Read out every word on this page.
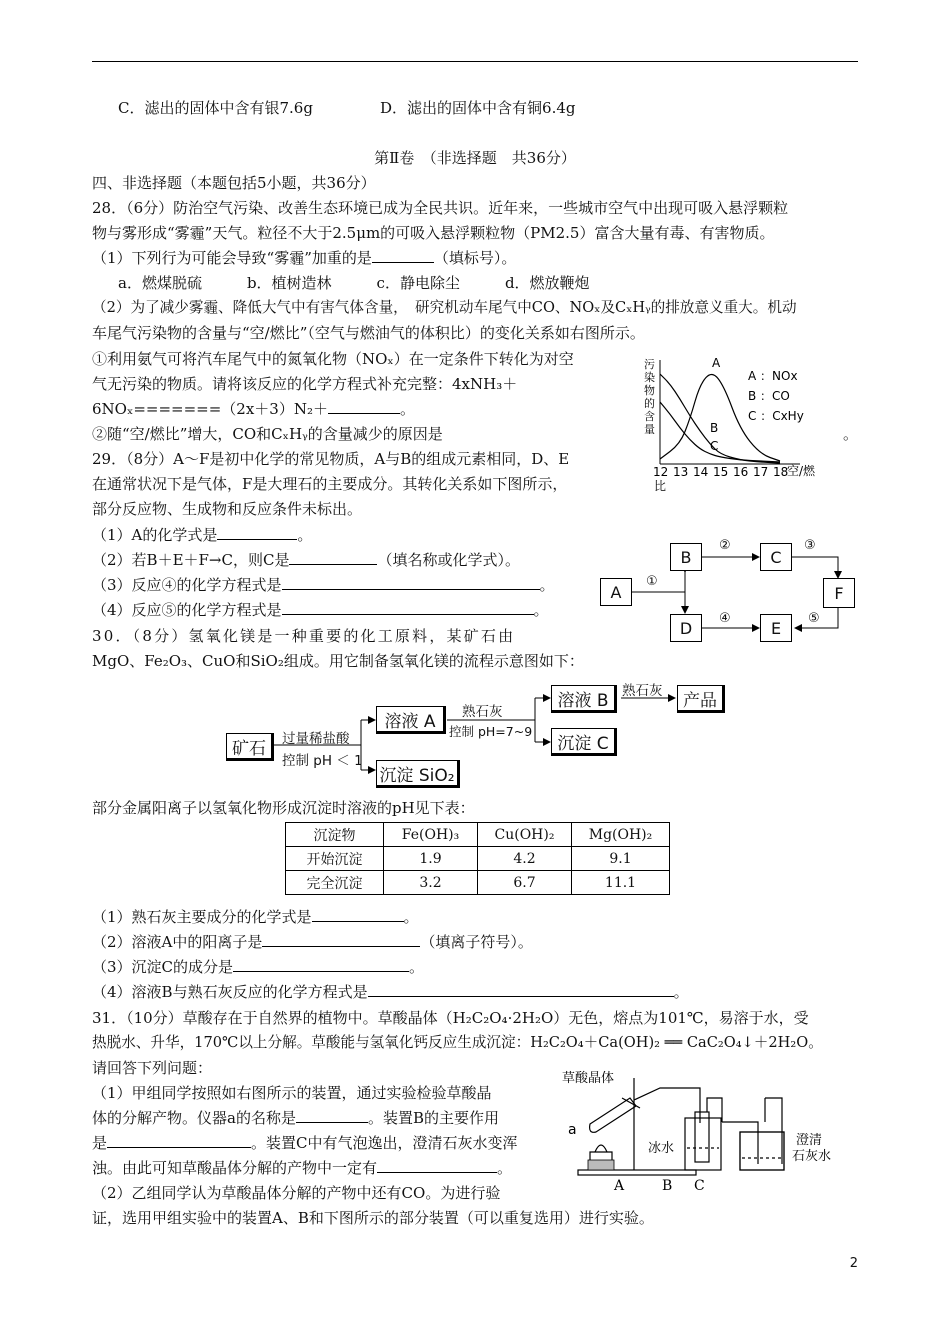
C．滤出的固体中含有银7.6g	D．滤出的固体中含有铜6.4g
第Ⅱ卷　（非选择题　共36分）
四、非选择题（本题包括5小题，共36分）
28．（6分）防治空气污染、改善生态环境已成为全民共识。近年来，一些城市空气中出现可吸入悬浮颗粒
物与雾形成“雾霾”天气。粒径不大于2.5μm的可吸入悬浮颗粒物（PM2.5）富含大量有毒、有害物质。
（1）下列行为可能会导致“雾霾”加重的是	（填标号）。
a．燃煤脱硫　　　b．植树造林　　　c．静电除尘　　　d．燃放鞭炮
（2）为了减少雾霾、降低大气中有害气体含量，　研究机动车尾气中CO、NOₓ及CₓHᵧ的排放意义重大。机动
车尾气污染物的含量与“空/燃比”（空气与燃油气的体积比）的变化关系如右图所示。
①利用氨气可将汽车尾气中的氮氧化物（NOₓ）在一定条件下转化为对空
气无污染的物质。请将该反应的化学方程式补充完整：4xNH₃＋
6NOₓ=======（2x＋3）N₂＋	。
②随“空/燃比”增大，CO和CₓHᵧ的含量减少的原因是	。
污
染
物
的
含
量
A
B
C
12 13 14 15 16 17 18
空/燃
比
A ：NOx
B ：CO
C ：CxHy
29．（8分）A～F是初中化学的常见物质，A与B的组成元素相同，D、E
在通常状况下是气体，F是大理石的主要成分。其转化关系如下图所示，
部分反应物、生成物和反应条件未标出。
（1）A的化学式是	。
（2）若B＋E＋F→C，则C是	（填名称或化学式）。
（3）反应④的化学方程式是	。
（4）反应⑤的化学方程式是	。
①
②	③
④	⑤
A
B	C
D	E
F
30．（8分）氢氧化镁是一种重要的化工原料，某矿石由
MgO、Fe₂O₃、CuO和SiO₂组成。用它制备氢氧化镁的流程示意图如下：
矿石	过量稀盐酸
控制 pH ＜ 1
溶液 A
沉淀 SiO₂
熟石灰
控制 pH=7~9
溶液 B
沉淀 C
熟石灰	产品
部分金属阳离子以氢氧化物形成沉淀时溶液的pH见下表：
沉淀物	Fe(OH)₃	Cu(OH)₂	Mg(OH)₂
开始沉淀	1.9	4.2	9.1
完全沉淀	3.2	6.7	11.1
（1）熟石灰主要成分的化学式是	。
（2）溶液A中的阳离子是	（填离子符号）。
（3）沉淀C的成分是	。
（4）溶液B与熟石灰反应的化学方程式是	。
31．（10分）草酸存在于自然界的植物中。草酸晶体（H₂C₂O₄·2H₂O）无色，熔点为101℃，易溶于水，受
热脱水、升华，170℃以上分解。草酸能与氢氧化钙反应生成沉淀：H₂C₂O₄＋Ca(OH)₂ ══ CaC₂O₄↓＋2H₂O。
请回答下列问题：
（1）甲组同学按照如右图所示的装置，通过实验检验草酸晶
体的分解产物。仪器a的名称是	。装置B的主要作用
是	。装置C中有气泡逸出，澄清石灰水变浑
浊。由此可知草酸晶体分解的产物中一定有	。
（2）乙组同学认为草酸晶体分解的产物中还有CO。为进行验
证，选用甲组实验中的装置A、B和下图所示的部分装置（可以重复选用）进行实验。
草酸晶体
a
冰水
澄清
石灰水
A	B C
2
